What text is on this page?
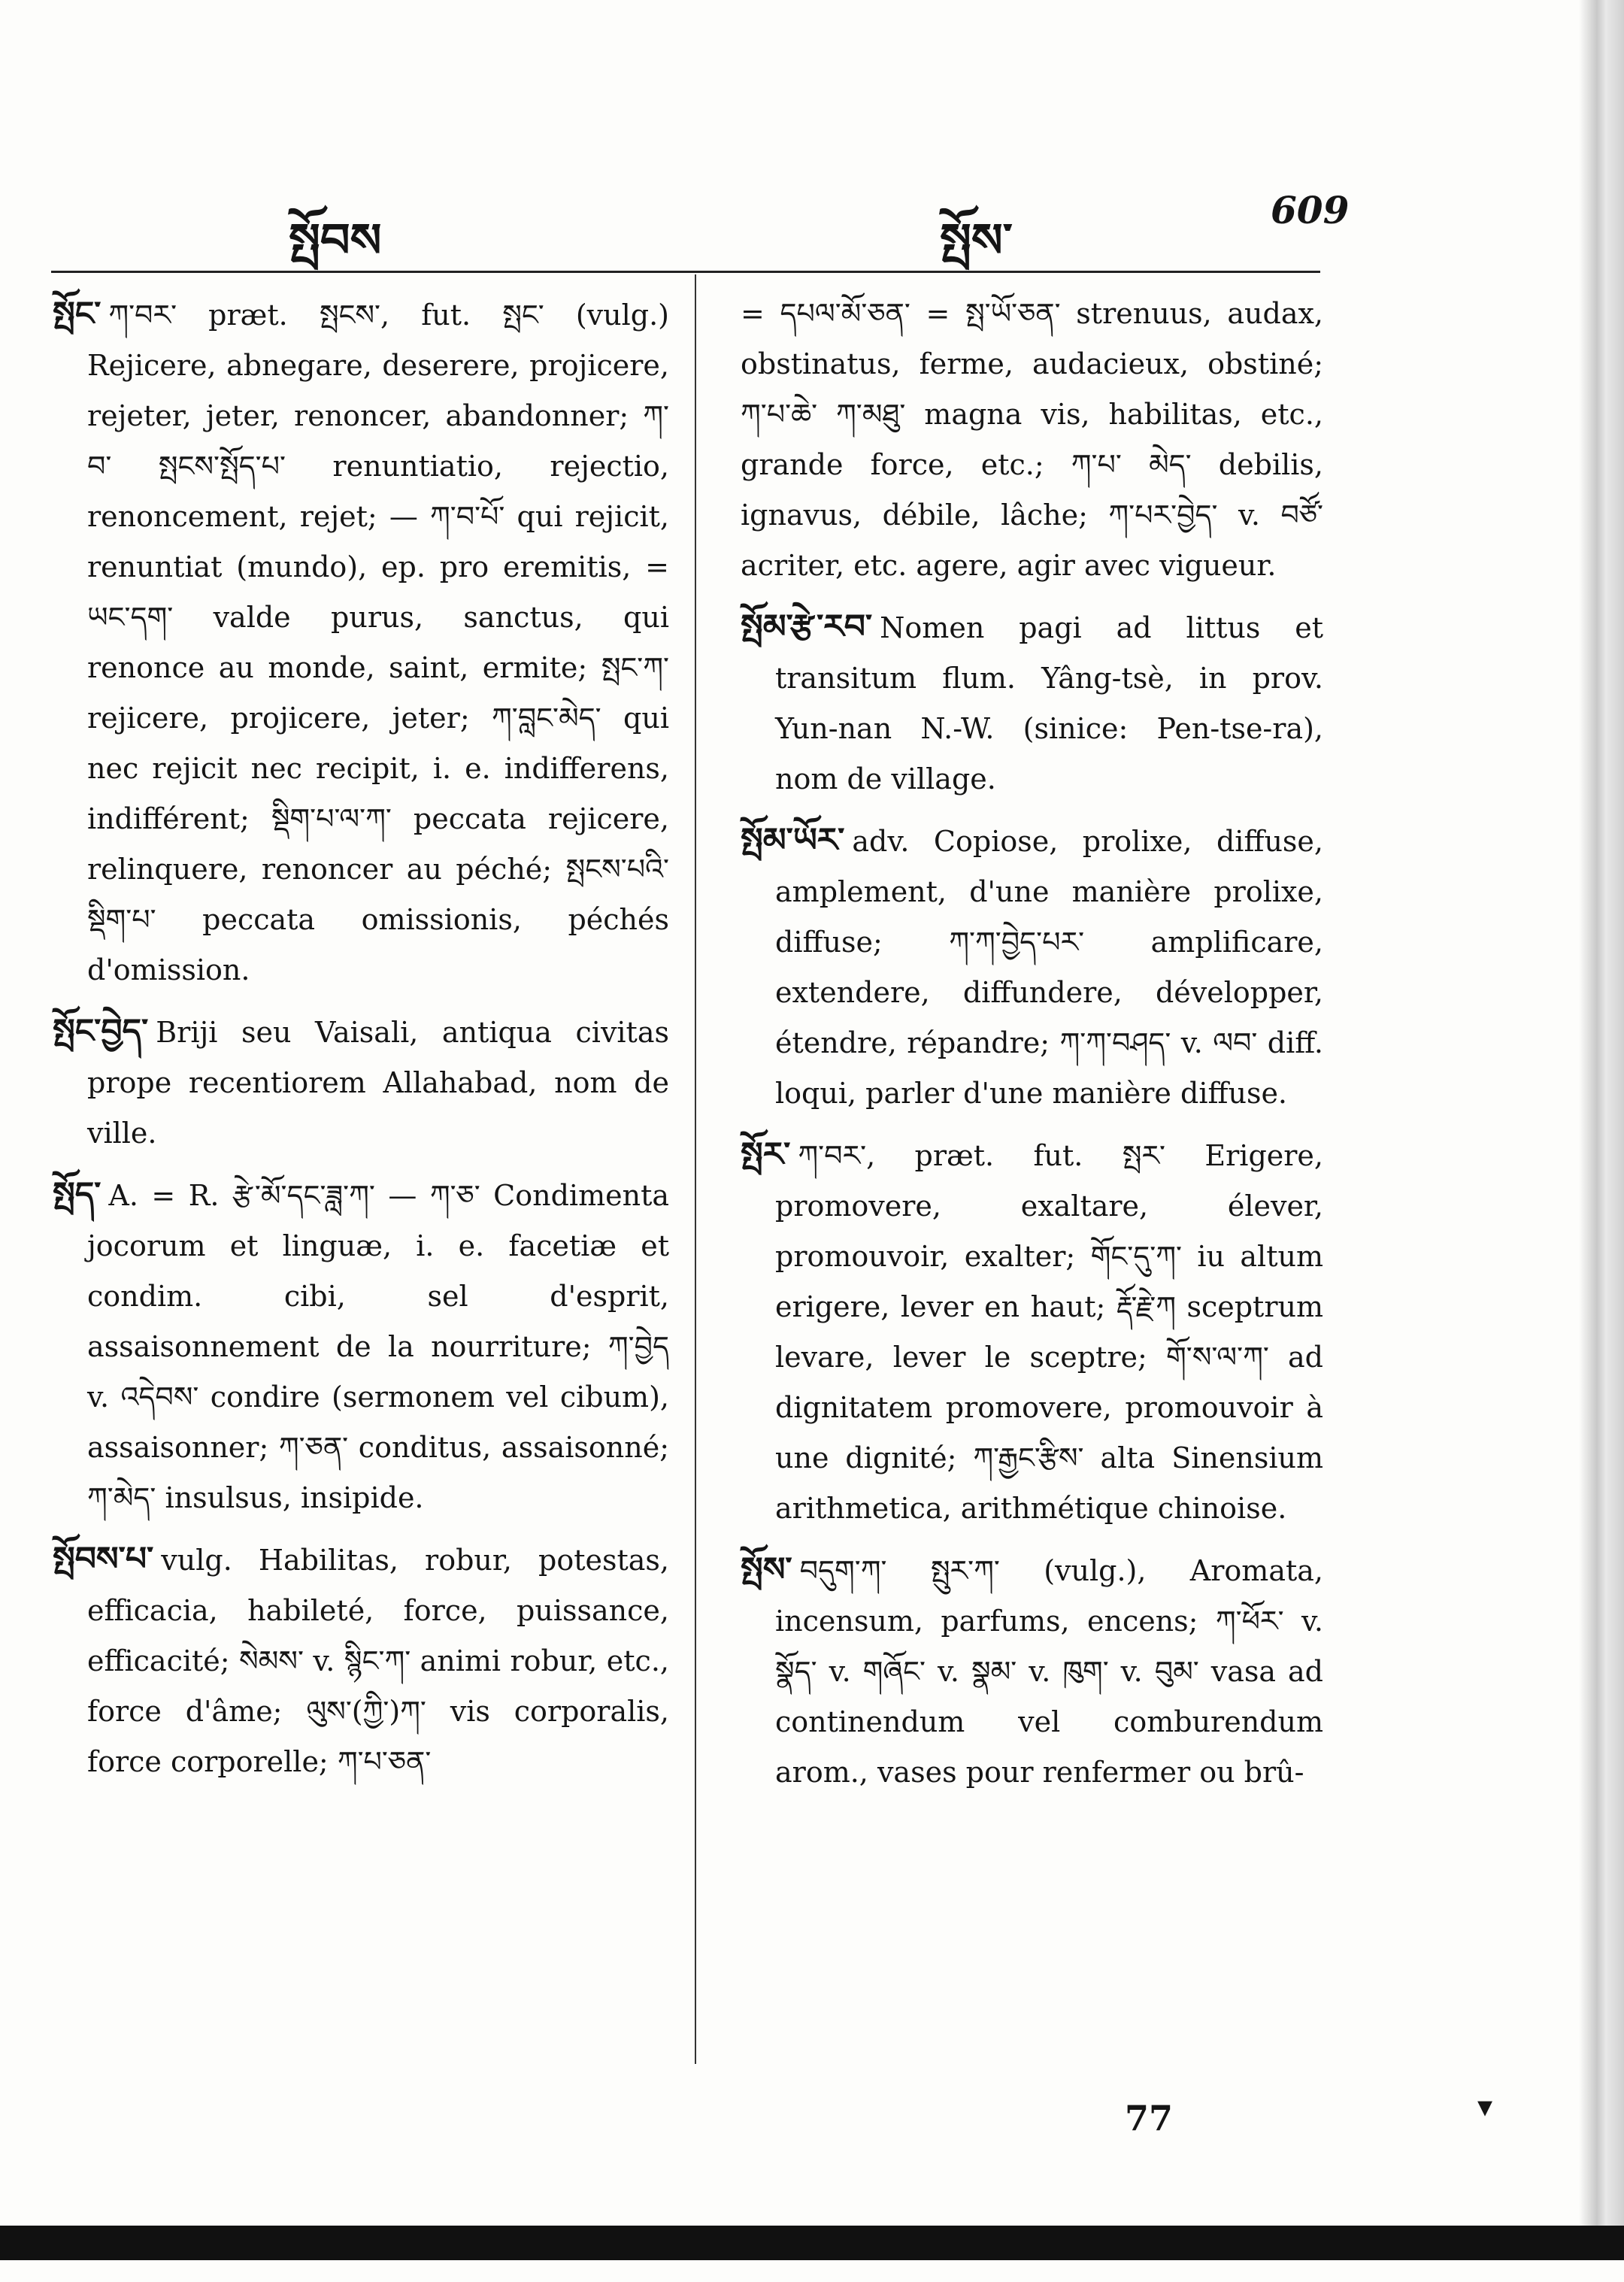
སྤོབས	སྤོས་
609

སྤོང་ ཀ་བར་ præt. སྤངས་, fut. སྤང་ (vulg.) Rejicere, abnegare, deserere, projicere, rejeter, jeter, renoncer, abandonner; ཀ་བ་ སྤངས་སྤོད་པ་ renuntiatio, rejectio, renoncement, rejet; — ཀ་བ་པོ་ qui rejicit, renuntiat (mundo), ep. pro eremitis, = ཡང་དག་ valde purus, sanctus, qui renonce au monde, saint, ermite; སྤང་ཀ་ rejicere, projicere, jeter; ཀ་བླང་མེད་ qui nec rejicit nec recipit, i. e. indifferens, indifférent; སྡིག་པ་ལ་ཀ་ peccata rejicere, relinquere, renoncer au péché; སྤངས་པའི་སྡིག་པ་ peccata omissionis, péchés d'omission.

སྤོང་བྱེད་ Briji seu Vaisali, antiqua civitas prope recentiorem Allahabad, nom de ville.

སྤོད་ A. = R. རྩེ་མོ་དང་ཟླ་ཀ་ — ཀ་ཅ་ Condimenta jocorum et linguæ, i. e. facetiæ et condim. cibi, sel d'esprit, assaisonnement de la nourriture; ཀ་བྱེད v. འདེབས་ condire (sermonem vel cibum), assaisonner; ཀ་ཅན་ conditus, assaisonné; ཀ་མེད་ insulsus, insipide.

སྤོབས་པ་ vulg. Habilitas, robur, potestas, efficacia, habileté, force, puissance, efficacité; སེམས་ v. སྙིང་ཀ་ animi robur, etc., force d'âme; ལུས་(ཀྱི་)ཀ་ vis corporalis, force corporelle; ཀ་པ་ཅན་

= དཔལ་མོ་ཅན་ = སྤ་ཡོ་ཅན་ strenuus, audax, obstinatus, ferme, audacieux, obstiné; ཀ་པ་ཆེ་ ཀ་མཐུ་ magna vis, habilitas, etc., grande force, etc.; ཀ་པ་ མེད་ debilis, ignavus, débile, lâche; ཀ་པར་བྱེད་ v. བཙོ་ acriter, etc. agere, agir avec vigueur.

སྤོམ་རྩེ་རབ་ Nomen pagi ad littus et transitum flum. Yâng-tsè, in prov. Yun-nan N.-W. (sinice: Pen-tse-ra), nom de village.

སྤོམ་ཡོར་ adv. Copiose, prolixe, diffuse, amplement, d'une manière prolixe, diffuse; ཀ་ཀ་བྱེད་པར་ amplificare, extendere, diffundere, développer, étendre, répandre; ཀ་ཀ་བཤད་ v. ལབ་ diff. loqui, parler d'une manière diffuse.

སྤོར་ ཀ་བར་, præt. fut. སྤར་ Erigere, promovere, exaltare, élever, promouvoir, exalter; གོང་དུ་ཀ་ iu altum erigere, lever en haut; རྡོ་རྗེ་ཀ sceptrum levare, lever le sceptre; གོ་ས་ལ་ཀ་ ad dignitatem promovere, promouvoir à une dignité; ཀ་རྒྱང་རྩིས་ alta Sinensium arithmetica, arithmétique chinoise.

སྤོས་ བདུག་ཀ་ སྤུར་ཀ་ (vulg.), Aromata, incensum, parfums, encens; ཀ་ཕོར་ v. སྣོད་ v. གཞོང་ v. སྣམ་ v. ཁུག་ v. བུམ་ vasa ad continendum vel comburendum arom., vases pour renfermer ou brû-

77	▾
